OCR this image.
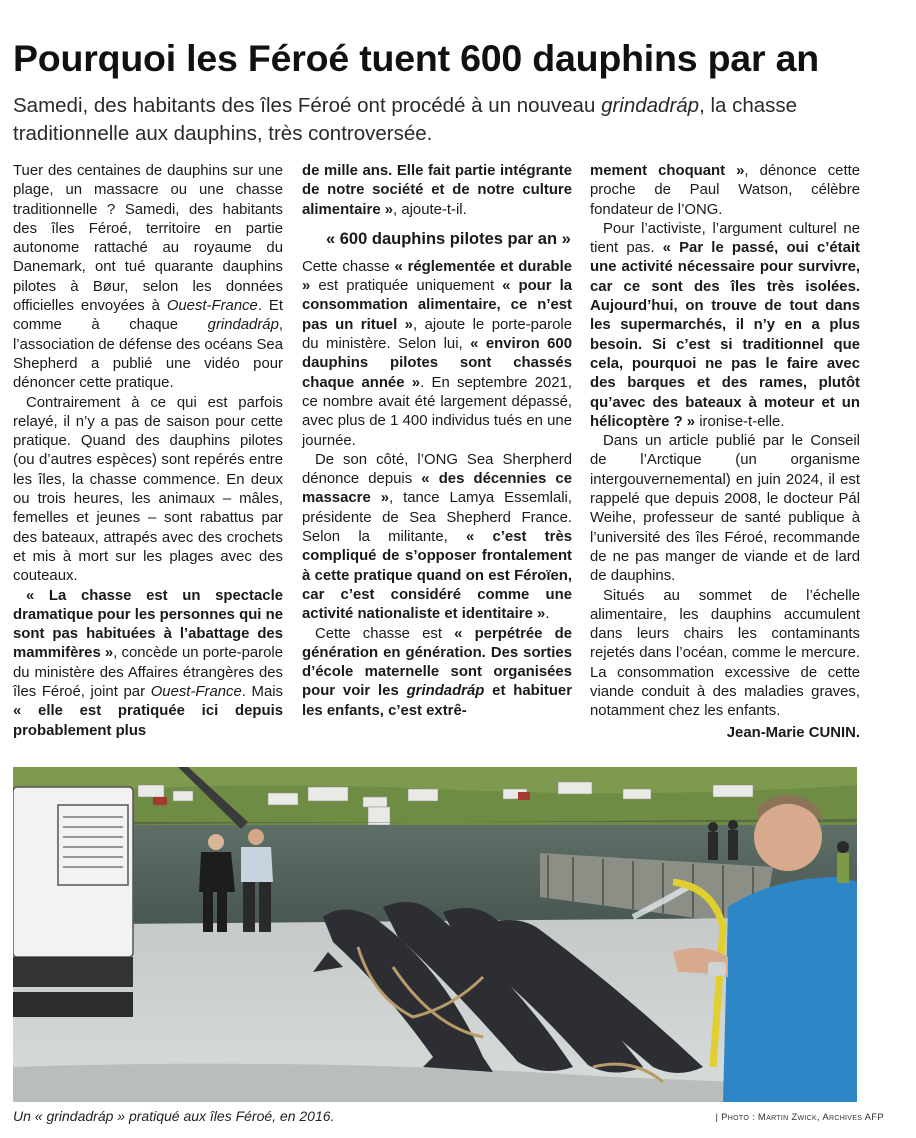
Pourquoi les Féroé tuent 600 dauphins par an

Samedi, des habitants des îles Féroé ont procédé à un nouveau grindadráp, la chasse traditionnelle aux dauphins, très controversée.

Tuer des centaines de dauphins sur une plage, un massacre ou une chasse traditionnelle ? Samedi, des habitants des îles Féroé, territoire en partie autonome rattaché au royaume du Danemark, ont tué quarante dauphins pilotes à Bøur, selon les données officielles envoyées à Ouest-France. Et comme à chaque grindadráp, l’association de défense des océans Sea Shepherd a publié une vidéo pour dénoncer cette pratique.

Contrairement à ce qui est parfois relayé, il n’y a pas de saison pour cette pratique. Quand des dauphins pilotes (ou d’autres espèces) sont repérés entre les îles, la chasse commence. En deux ou trois heures, les animaux – mâles, femelles et jeunes – sont rabattus par des bateaux, attrapés avec des crochets et mis à mort sur les plages avec des couteaux.

« La chasse est un spectacle dramatique pour les personnes qui ne sont pas habituées à l’abattage des mammifères », concède un porte-parole du ministère des Affaires étrangères des îles Féroé, joint par Ouest-France. Mais « elle est pratiquée ici depuis probablement plus

de mille ans. Elle fait partie intégrante de notre société et de notre culture alimentaire », ajoute-t-il.

« 600 dauphins pilotes par an »

Cette chasse « réglementée et durable » est pratiquée uniquement « pour la consommation alimentaire, ce n’est pas un rituel », ajoute le porte-parole du ministère. Selon lui, « environ 600 dauphins pilotes sont chassés chaque année ». En septembre 2021, ce nombre avait été largement dépassé, avec plus de 1 400 individus tués en une journée.

De son côté, l’ONG Sea Sherpherd dénonce depuis « des décennies ce massacre », tance Lamya Essemlali, présidente de Sea Shepherd France. Selon la militante, « c’est très compliqué de s’opposer frontalement à cette pratique quand on est Féroïen, car c’est considéré comme une activité nationaliste et identitaire ».

Cette chasse est « perpétrée de génération en génération. Des sorties d’école maternelle sont organisées pour voir les grindadráp et habituer les enfants, c’est extrê-

mement choquant », dénonce cette proche de Paul Watson, célèbre fondateur de l’ONG.

Pour l’activiste, l’argument culturel ne tient pas. « Par le passé, oui c’était une activité nécessaire pour survivre, car ce sont des îles très isolées. Aujourd’hui, on trouve de tout dans les supermarchés, il n’y en a plus besoin. Si c’est si traditionnel que cela, pourquoi ne pas le faire avec des barques et des rames, plutôt qu’avec des bateaux à moteur et un hélicoptère ? » ironise-t-elle.

Dans un article publié par le Conseil de l’Arctique (un organisme intergouvernemental) en juin 2024, il est rappelé que depuis 2008, le docteur Pál Weihe, professeur de santé publique à l’université des îles Féroé, recommande de ne pas manger de viande et de lard de dauphins.

Situés au sommet de l’échelle alimentaire, les dauphins accumulent dans leurs chairs les contaminants rejetés dans l’océan, comme le mercure. La consommation excessive de cette viande conduit à des maladies graves, notamment chez les enfants.

Jean-Marie CUNIN.
Un « grindadráp » pratiqué aux îles Féroé, en 2016.	| Photo : Martin Zwick, Archives AFP
